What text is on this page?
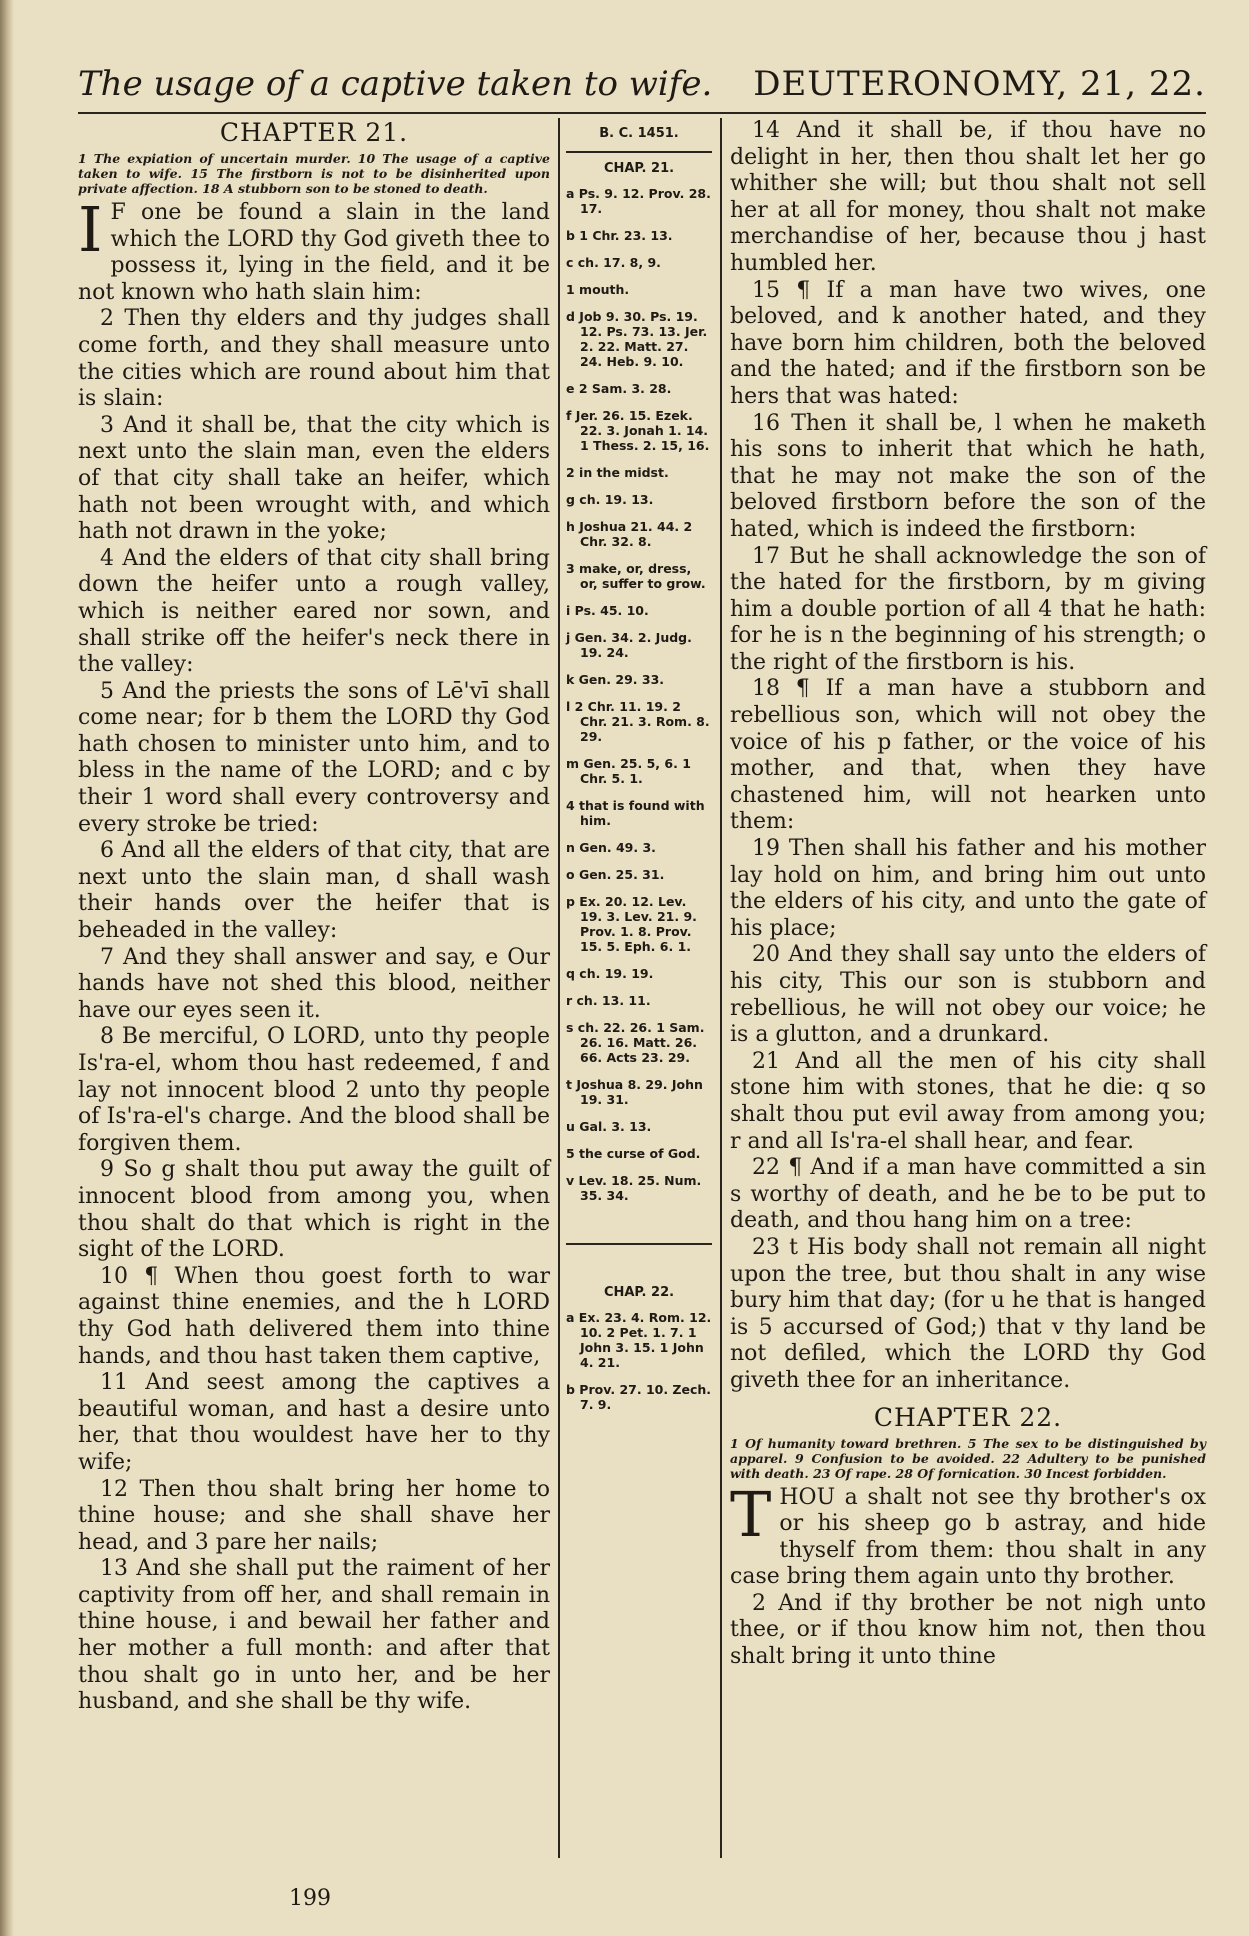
The usage of a captive taken to wife. DEUTERONOMY, 21, 22.
CHAPTER 21.
1 The expiation of uncertain murder. 10 The usage of a captive taken to wife. 15 The firstborn is not to be disinherited upon private affection. 18 A stubborn son to be stoned to death.
I F one be found a slain in the land which the LORD thy God giveth thee to possess it, lying in the field, and it be not known who hath slain him:

2 Then thy elders and thy judges shall come forth, and they shall measure unto the cities which are round about him that is slain:

3 And it shall be, that the city which is next unto the slain man, even the elders of that city shall take an heifer, which hath not been wrought with, and which hath not drawn in the yoke;

4 And the elders of that city shall bring down the heifer unto a rough valley, which is neither eared nor sown, and shall strike off the heifer's neck there in the valley:

5 And the priests the sons of Lē'vī shall come near; for b them the LORD thy God hath chosen to minister unto him, and to bless in the name of the LORD; and c by their 1 word shall every controversy and every stroke be tried:

6 And all the elders of that city, that are next unto the slain man, d shall wash their hands over the heifer that is beheaded in the valley:

7 And they shall answer and say, e Our hands have not shed this blood, neither have our eyes seen it.

8 Be merciful, O LORD, unto thy people Is'ra-el, whom thou hast redeemed, f and lay not innocent blood 2 unto thy people of Is'ra-el's charge. And the blood shall be forgiven them.

9 So g shalt thou put away the guilt of innocent blood from among you, when thou shalt do that which is right in the sight of the LORD.

10 ¶ When thou goest forth to war against thine enemies, and the h LORD thy God hath delivered them into thine hands, and thou hast taken them captive,

11 And seest among the captives a beautiful woman, and hast a desire unto her, that thou wouldest have her to thy wife;

12 Then thou shalt bring her home to thine house; and she shall shave her head, and 3 pare her nails;

13 And she shall put the raiment of her captivity from off her, and shall remain in thine house, i and bewail her father and her mother a full month: and after that thou shalt go in unto her, and be her husband, and she shall be thy wife.

B. C. 1451.
CHAP. 21.
a Ps. 9. 12. Prov. 28. 17.
b 1 Chr. 23. 13.
c ch. 17. 8, 9.
1 mouth.
d Job 9. 30. Ps. 19. 12. Ps. 73. 13. Jer. 2. 22. Matt. 27. 24. Heb. 9. 10.
e 2 Sam. 3. 28.
f Jer. 26. 15. Ezek. 22. 3. Jonah 1. 14. 1 Thess. 2. 15, 16.
2 in the midst.
g ch. 19. 13.
h Joshua 21. 44. 2 Chr. 32. 8.
3 make, or, dress, or, suffer to grow.
i Ps. 45. 10.
j Gen. 34. 2. Judg. 19. 24.
k Gen. 29. 33.
l 2 Chr. 11. 19. 2 Chr. 21. 3. Rom. 8. 29.
m Gen. 25. 5, 6. 1 Chr. 5. 1.
4 that is found with him.
n Gen. 49. 3.
o Gen. 25. 31.
p Ex. 20. 12. Lev. 19. 3. Lev. 21. 9. Prov. 1. 8. Prov. 15. 5. Eph. 6. 1.
q ch. 19. 19.
r ch. 13. 11.
s ch. 22. 26. 1 Sam. 26. 16. Matt. 26. 66. Acts 23. 29.
t Joshua 8. 29. John 19. 31.
u Gal. 3. 13.
5 the curse of God.
v Lev. 18. 25. Num. 35. 34.
CHAP. 22.
a Ex. 23. 4. Rom. 12. 10. 2 Pet. 1. 7. 1 John 3. 15. 1 John 4. 21.
b Prov. 27. 10. Zech. 7. 9.

14 And it shall be, if thou have no delight in her, then thou shalt let her go whither she will; but thou shalt not sell her at all for money, thou shalt not make merchandise of her, because thou j hast humbled her.

15 ¶ If a man have two wives, one beloved, and k another hated, and they have born him children, both the beloved and the hated; and if the firstborn son be hers that was hated:

16 Then it shall be, l when he maketh his sons to inherit that which he hath, that he may not make the son of the beloved firstborn before the son of the hated, which is indeed the firstborn:

17 But he shall acknowledge the son of the hated for the firstborn, by m giving him a double portion of all 4 that he hath: for he is n the beginning of his strength; o the right of the firstborn is his.

18 ¶ If a man have a stubborn and rebellious son, which will not obey the voice of his p father, or the voice of his mother, and that, when they have chastened him, will not hearken unto them:

19 Then shall his father and his mother lay hold on him, and bring him out unto the elders of his city, and unto the gate of his place;

20 And they shall say unto the elders of his city, This our son is stubborn and rebellious, he will not obey our voice; he is a glutton, and a drunkard.

21 And all the men of his city shall stone him with stones, that he die: q so shalt thou put evil away from among you; r and all Is'ra-el shall hear, and fear.

22 ¶ And if a man have committed a sin s worthy of death, and he be to be put to death, and thou hang him on a tree:

23 t His body shall not remain all night upon the tree, but thou shalt in any wise bury him that day; (for u he that is hanged is 5 accursed of God;) that v thy land be not defiled, which the LORD thy God giveth thee for an inheritance.

CHAPTER 22.
1 Of humanity toward brethren. 5 The sex to be distinguished by apparel. 9 Confusion to be avoided. 22 Adultery to be punished with death. 23 Of rape. 28 Of fornication. 30 Incest forbidden.
T HOU a shalt not see thy brother's ox or his sheep go b astray, and hide thyself from them: thou shalt in any case bring them again unto thy brother.

2 And if thy brother be not nigh unto thee, or if thou know him not, then thou shalt bring it unto thine

199
